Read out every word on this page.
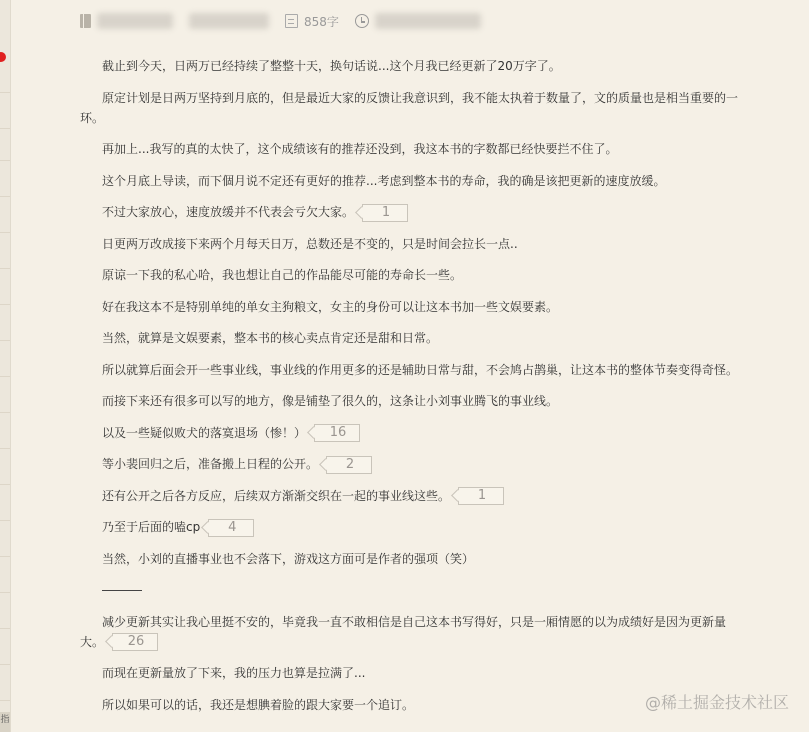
指
858字

截止到今天，日两万已经持续了整整十天，换句话说...这个月我已经更新了20万字了。

原定计划是日两万坚持到月底的，但是最近大家的反馈让我意识到，我不能太执着于数量了，文的质量也是相当重要的一环。

再加上...我写的真的太快了，这个成绩该有的推荐还没到，我这本书的字数都已经快要拦不住了。

这个月底上导读，而下個月说不定还有更好的推荐...考虑到整本书的寿命，我的确是该把更新的速度放缓。

不过大家放心，速度放缓并不代表会亏欠大家。 1

日更两万改成接下来两个月每天日万，总数还是不变的，只是时间会拉长一点..

原谅一下我的私心哈，我也想让自己的作品能尽可能的寿命长一些。

好在我这本不是特别单纯的单女主狗粮文，女主的身份可以让这本书加一些文娱要素。

当然，就算是文娱要素，整本书的核心卖点肯定还是甜和日常。

所以就算后面会开一些事业线，事业线的作用更多的还是辅助日常与甜，不会鸠占鹊巢，让这本书的整体节奏变得奇怪。

而接下来还有很多可以写的地方，像是铺垫了很久的，这条让小刘事业腾飞的事业线。

以及一些疑似败犬的落寞退场（惨！） 16

等小裴回归之后，准备搬上日程的公开。 2

还有公开之后各方反应，后续双方渐渐交织在一起的事业线这些。 1

乃至于后面的嗑cp 4

当然，小刘的直播事业也不会落下，游戏这方面可是作者的强项（笑）

减少更新其实让我心里挺不安的，毕竟我一直不敢相信是自己这本书写得好，只是一厢情愿的以为成绩好是因为更新量大。 26

而现在更新量放了下来，我的压力也算是拉满了...

所以如果可以的话，我还是想腆着脸的跟大家要一个追订。	@稀土掘金技术社区
